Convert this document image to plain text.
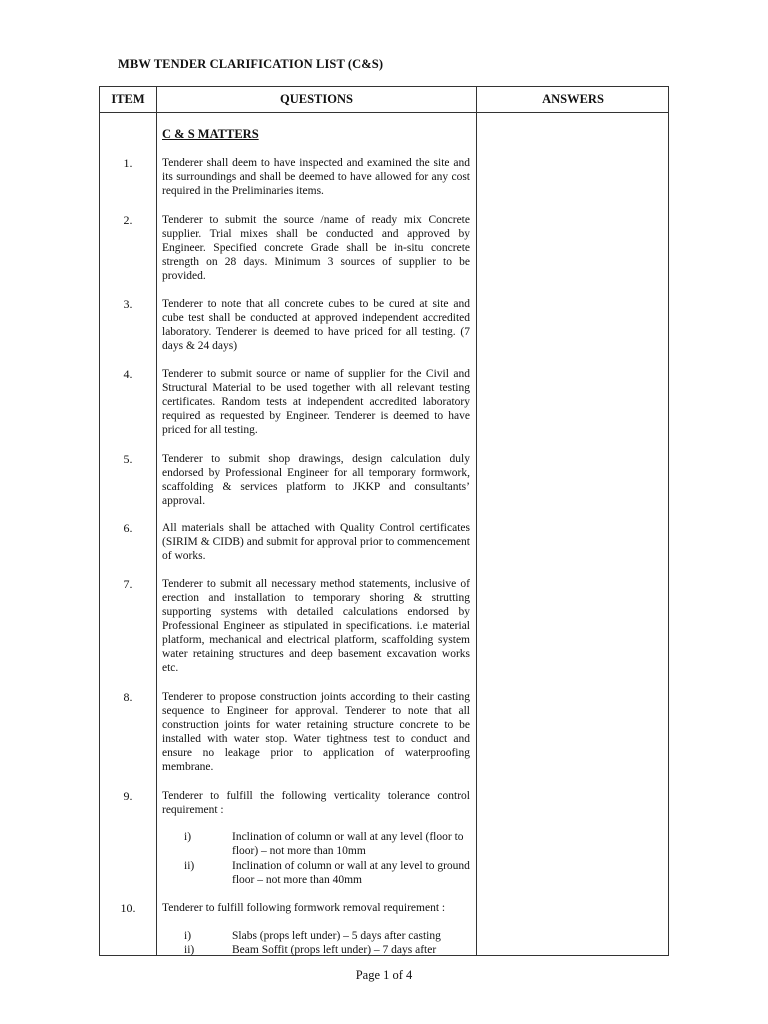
MBW TENDER CLARIFICATION LIST (C&S)
ITEM	QUESTIONS	ANSWERS
C & S MATTERS
1.	Tenderer shall deem to have inspected and examined the site and its surroundings and shall be deemed to have allowed for any cost required in the Preliminaries items.
2.	Tenderer to submit the source /name of ready mix Concrete supplier. Trial mixes shall be conducted and approved by Engineer. Specified concrete Grade shall be in-situ concrete strength on 28 days. Minimum 3 sources of supplier to be provided.
3.	Tenderer to note that all concrete cubes to be cured at site and cube test shall be conducted at approved independent accredited laboratory. Tenderer is deemed to have priced for all testing. (7 days & 24 days)
4.	Tenderer to submit source or name of supplier for the Civil and Structural Material to be used together with all relevant testing certificates. Random tests at independent accredited laboratory required as requested by Engineer. Tenderer is deemed to have priced for all testing.
5.	Tenderer to submit shop drawings, design calculation duly endorsed by Professional Engineer for all temporary formwork, scaffolding & services platform to JKKP and consultants’ approval.
6.	All materials shall be attached with Quality Control certificates (SIRIM & CIDB) and submit for approval prior to commencement of works.
7.	Tenderer to submit all necessary method statements, inclusive of erection and installation to temporary shoring & strutting supporting systems with detailed calculations endorsed by Professional Engineer as stipulated in specifications. i.e material platform, mechanical and electrical platform, scaffolding system water retaining structures and deep basement excavation works etc.
8.	Tenderer to propose construction joints according to their casting sequence to Engineer for approval. Tenderer to note that all construction joints for water retaining structure concrete to be installed with water stop. Water tightness test to conduct and ensure no leakage prior to application of waterproofing membrane.
9.	Tenderer to fulfill the following verticality tolerance control requirement :
i)	Inclination of column or wall at any level (floor to floor) – not more than 10mm
ii)	Inclination of column or wall at any level to ground floor – not more than 40mm
10.	Tenderer to fulfill following formwork removal requirement :
i)	Slabs (props left under) – 5 days after casting
ii)	Beam Soffit (props left under) – 7 days after
Page 1 of 4
